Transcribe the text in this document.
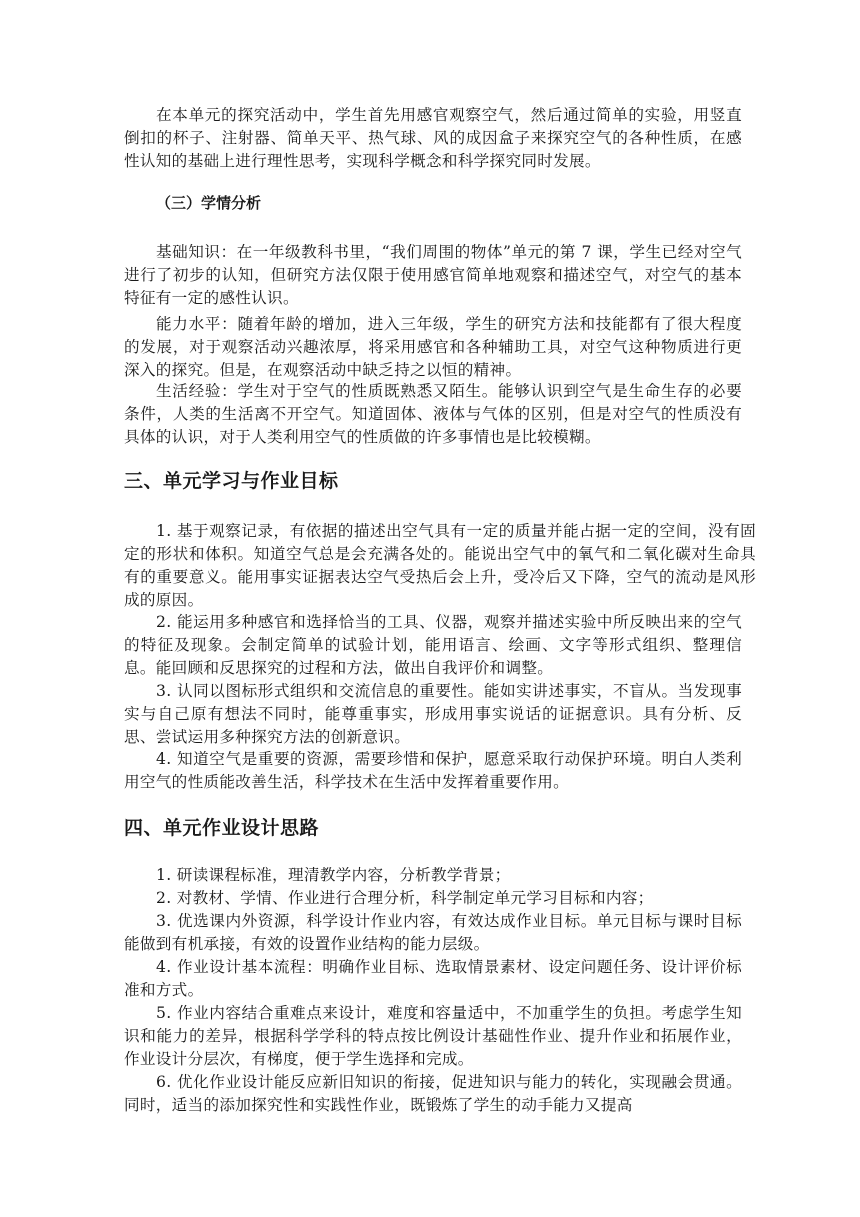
在本单元的探究活动中，学生首先用感官观察空气，然后通过简单的实验，用竖直倒扣的杯子、注射器、简单天平、热气球、风的成因盒子来探究空气的各种性质，在感性认知的基础上进行理性思考，实现科学概念和科学探究同时发展。

（三）学情分析

基础知识：在一年级教科书里，“我们周围的物体”单元的第 7 课，学生已经对空气进行了初步的认知，但研究方法仅限于使用感官简单地观察和描述空气，对空气的基本特征有一定的感性认识。

能力水平：随着年龄的增加，进入三年级，学生的研究方法和技能都有了很大程度的发展，对于观察活动兴趣浓厚，将采用感官和各种辅助工具，对空气这种物质进行更深入的探究。但是，在观察活动中缺乏持之以恒的精神。

生活经验：学生对于空气的性质既熟悉又陌生。能够认识到空气是生命生存的必要条件，人类的生活离不开空气。知道固体、液体与气体的区别，但是对空气的性质没有具体的认识，对于人类利用空气的性质做的许多事情也是比较模糊。

三、单元学习与作业目标

1. 基于观察记录，有依据的描述出空气具有一定的质量并能占据一定的空间，没有固定的形状和体积。知道空气总是会充满各处的。能说出空气中的氧气和二氧化碳对生命具有的重要意义。能用事实证据表达空气受热后会上升，受冷后又下降，空气的流动是风形成的原因。

2. 能运用多种感官和选择恰当的工具、仪器，观察并描述实验中所反映出来的空气的特征及现象。会制定简单的试验计划，能用语言、绘画、文字等形式组织、整理信息。能回顾和反思探究的过程和方法，做出自我评价和调整。

3. 认同以图标形式组织和交流信息的重要性。能如实讲述事实，不盲从。当发现事实与自己原有想法不同时，能尊重事实，形成用事实说话的证据意识。具有分析、反思、尝试运用多种探究方法的创新意识。

4. 知道空气是重要的资源，需要珍惜和保护，愿意采取行动保护环境。明白人类利用空气的性质能改善生活，科学技术在生活中发挥着重要作用。

四、单元作业设计思路

1. 研读课程标准，理清教学内容，分析教学背景；

2. 对教材、学情、作业进行合理分析，科学制定单元学习目标和内容；

3. 优选课内外资源，科学设计作业内容，有效达成作业目标。单元目标与课时目标能做到有机承接，有效的设置作业结构的能力层级。

4. 作业设计基本流程：明确作业目标、选取情景素材、设定问题任务、设计评价标准和方式。

5. 作业内容结合重难点来设计，难度和容量适中，不加重学生的负担。考虑学生知识和能力的差异，根据科学学科的特点按比例设计基础性作业、提升作业和拓展作业，作业设计分层次，有梯度，便于学生选择和完成。

6. 优化作业设计能反应新旧知识的衔接，促进知识与能力的转化，实现融会贯通。同时，适当的添加探究性和实践性作业，既锻炼了学生的动手能力又提高
